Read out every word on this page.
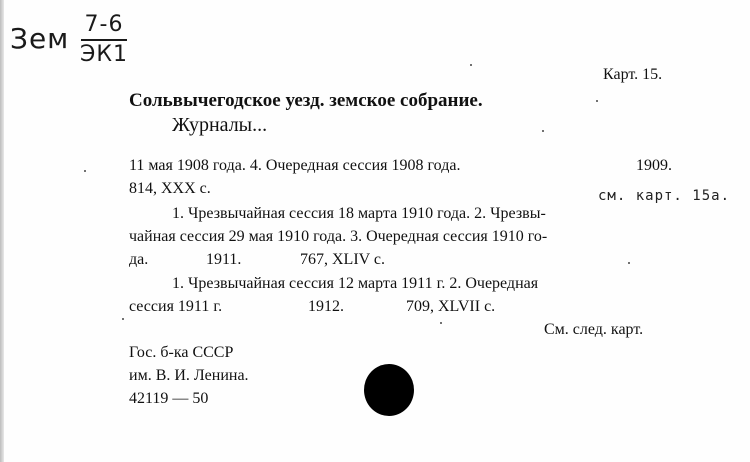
Зем 7-6
ЭК1
Карт. 15.
Сольвычегодское уезд. земское собрание.
Журналы...
11 мая 1908 года. 4. Очередная сессия 1908 года.	1909.
814, XXX с.	см. карт. 15а.
1. Чрезвычайная сессия 18 марта 1910 года. 2. Чрезвы-
чайная сессия 29 мая 1910 года. 3. Очередная сессия 1910 го-
да.	1911.	767, XLIV с.
1. Чрезвычайная сессия 12 марта 1911 г. 2. Очередная
сессия 1911 г.	1912.	709, XLVII с.
См. след. карт.
Гос. б-ка СССР
им. В. И. Ленина.
42119 — 50
